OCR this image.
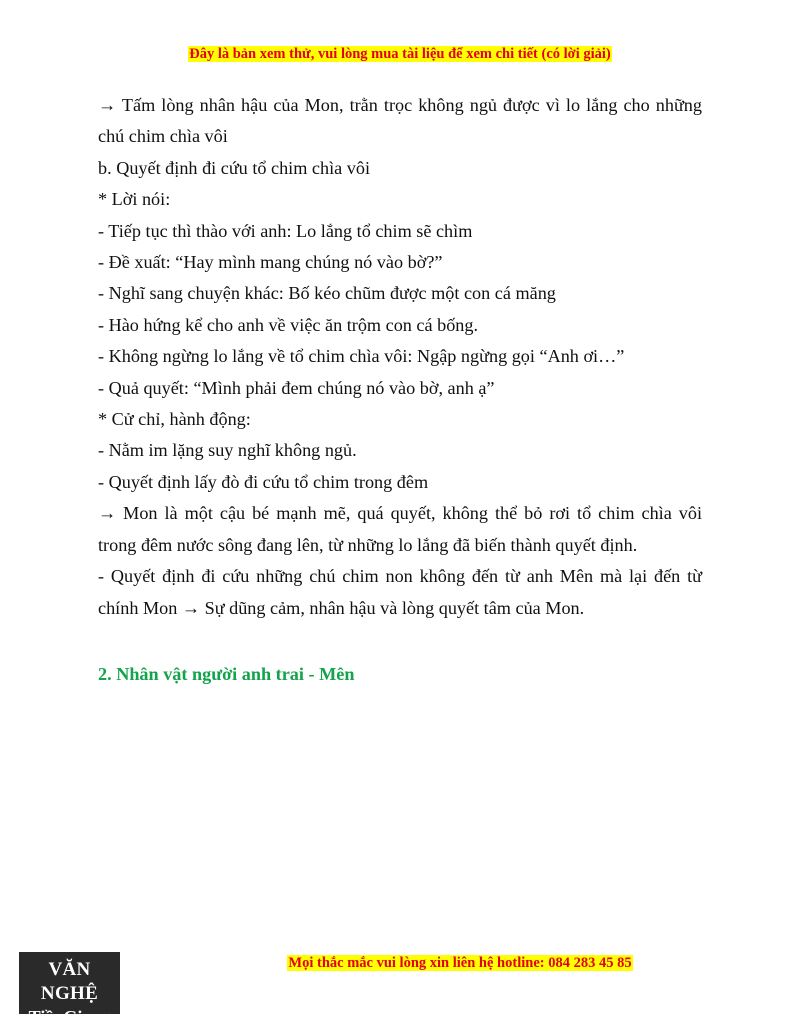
Đây là bản xem thử, vui lòng mua tài liệu để xem chi tiết (có lời giải)

→ Tấm lòng nhân hậu của Mon, trằn trọc không ngủ được vì lo lắng cho những chú chim chìa vôi

b. Quyết định đi cứu tổ chim chìa vôi

* Lời nói:

- Tiếp tục thì thào với anh: Lo lắng tổ chim sẽ chìm

- Đề xuất: “Hay mình mang chúng nó vào bờ?”

- Nghĩ sang chuyện khác: Bố kéo chũm được một con cá măng

- Hào hứng kể cho anh về việc ăn trộm con cá bống.

- Không ngừng lo lắng về tổ chim chìa vôi: Ngập ngừng gọi “Anh ơi…”

- Quả quyết: “Mình phải đem chúng nó vào bờ, anh ạ”

* Cử chỉ, hành động:

- Nằm im lặng suy nghĩ không ngủ.

- Quyết định lấy đò đi cứu tổ chim trong đêm

→ Mon là một cậu bé mạnh mẽ, quá quyết, không thể bỏ rơi tổ chim chìa vôi trong đêm nước sông đang lên, từ những lo lắng đã biến thành quyết định.

- Quyết định đi cứu những chú chim non không đến từ anh Mên mà lại đến từ chính Mon → Sự dũng cảm, nhân hậu và lòng quyết tâm của Mon.

2. Nhân vật người anh trai - Mên
VĂN NGHỆ
TiềnGiang
Mọi thắc mắc vui lòng xin liên hệ hotline: 084 283 45 85
